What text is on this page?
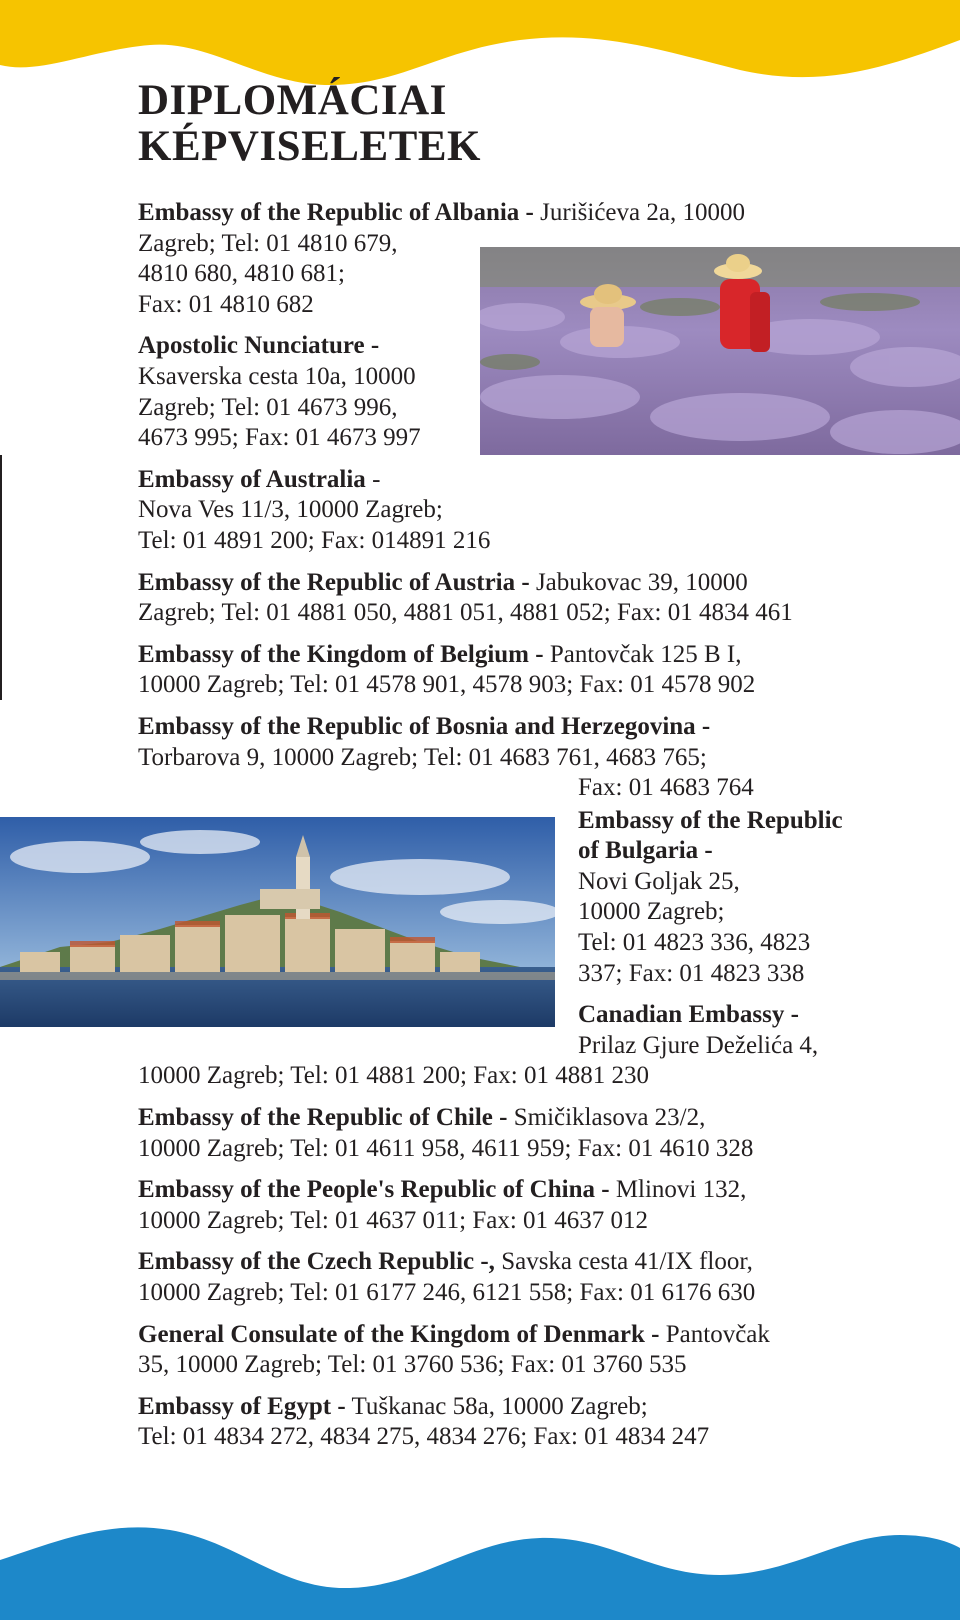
DIPLOMÁCIAI
KÉPVISELETEK
Embassy of the Republic of Albania - Jurišićeva 2a, 10000
Zagreb; Tel: 01 4810 679,
4810 680, 4810 681;
Fax: 01 4810 682
Apostolic Nunciature -
Ksaverska cesta 10a, 10000
Zagreb; Tel: 01 4673 996,
4673 995; Fax: 01 4673 997
Embassy of Australia -
Nova Ves 11/3, 10000 Zagreb;
Tel: 01 4891 200; Fax: 014891 216
Embassy of the Republic of Austria - Jabukovac 39, 10000
Zagreb; Tel: 01 4881 050, 4881 051, 4881 052; Fax: 01 4834 461
Embassy of the Kingdom of Belgium - Pantovčak 125 B I,
10000 Zagreb; Tel: 01 4578 901, 4578 903; Fax: 01 4578 902
Embassy of the Republic of Bosnia and Herzegovina -
Torbarova 9, 10000 Zagreb; Tel: 01 4683 761, 4683 765;
Fax: 01 4683 764
Embassy of the Republic
of Bulgaria -
Novi Goljak 25,
10000 Zagreb;
Tel: 01 4823 336, 4823
337; Fax: 01 4823 338
Canadian Embassy -
Prilaz Gjure Deželića 4,
10000 Zagreb; Tel: 01 4881 200; Fax: 01 4881 230
Embassy of the Republic of Chile - Smičiklasova 23/2,
10000 Zagreb; Tel: 01 4611 958, 4611 959; Fax: 01 4610 328
Embassy of the People's Republic of China - Mlinovi 132,
10000 Zagreb; Tel: 01 4637 011; Fax: 01 4637 012
Embassy of the Czech Republic -, Savska cesta 41/IX floor,
10000 Zagreb; Tel: 01 6177 246, 6121 558; Fax: 01 6176 630
General Consulate of the Kingdom of Denmark - Pantovčak
35, 10000 Zagreb; Tel: 01 3760 536; Fax: 01 3760 535
Embassy of Egypt - Tuškanac 58a, 10000 Zagreb;
Tel: 01 4834 272, 4834 275, 4834 276; Fax: 01 4834 247
